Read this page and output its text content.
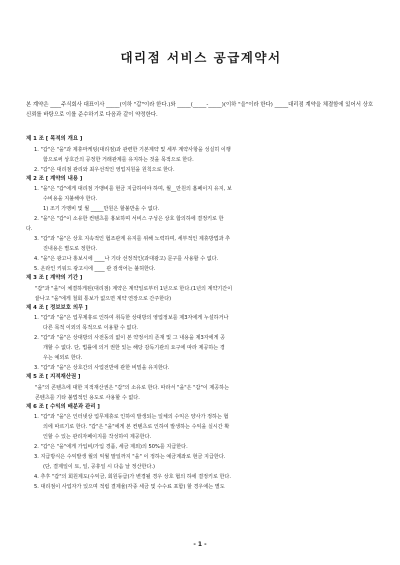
대리점 서비스 공급계약서
본 계약은 ____주식회사 대표이사 _____(이하 "갑"이라 한다.)와 _____(_____-_____)(이하 "을"이라 한다) _____대리점 계약을 체결함에 있어서 상호 신뢰를 바탕으로 이를 준수하기로 다음과 같이 약정한다.
제 1 조 [ 목적의 개요 ]
1. "갑"은 "을"과 제휴마케팅(대리점)과 관련한 기본계약 및 세부 계약사항을 성실히 이행
함으로써 상호간의 공정한 거래관계를 유지하는 것을 목적으로 한다.
2. "갑"은 대리점 관리와 최우선적인 영업지원을 원칙으로 한다.
제 2 조 [ 계약의 내용 ]
1. "을"은 "갑"에게 대리점 가맹비를 현금 지급하여야 하며, 월__만원의 홈페이지 유지, 보
수비용을 지불해야 한다.
1) 조기 가맹비 및 월 _____만원은 할불반을 수 없다.
2. "을"은 "갑"이 소유한 컨텐츠를 홍보하며 서비스 구성은 상호 합의하에 결정키로 한
다.
3. "갑"과 "을"은 상호 지속적인 협조관계 유지를 위해 노력하며, 세부적인 제휴방법과 추
진내용은 별도로 정한다.
4. "을"은 광고나 홍보시에 ____나 기타 선정적인(과대광고) 문구를 사용할 수 없다.
5. 온라인 키워드 광고시에 ____ 관 검색어는 불허한다.
제 3 조 [ 계약의 기간 ]
"갑"과 "을"이 체결하게된(대리점) 계약은 계약일로부터 1년으로 한다.(1년의 계약기간이
끝나고 "을"에게 철회 통보가 없으면 계약 연장으로 간주한다)
제 4 조 [ 정보보호 의무 ]
1. "갑"과 "을"은 업무제휴로 인하여 취득한 상대방의 영업정보를 제3자에게 누설하거나
다른 목적 이외의 목적으로 이용할 수 없다.
2. "갑"과 "을"은 상대방의 사전동의 없이 본 약정서의 존재 및 그 내용을 제3자에게 공
개할 수 없다. 단, 법률에 의거 권한 있는 해당 감독기관의 요구에 따라 제공하는 경
우는 예외로 한다.
3. "갑"과 "을"은 상호간의 사업전반에 관한 비밀을 유지한다.
제 5 조 [ 지적재산권 ]
"을"의 콘텐츠에 대한 지적재산권은 "갑"의 소유로 한다. 따라서 "을"은 "갑"이 제공하는
콘텐츠를 기타 불법적인 용도로 사용할 수 없다.
제 6 조 [ 수익의 배분과 관리 ]
1. "갑"과 "을"은 인터넷상 업무제휴로 인하여 발생되는 일체의 수익은 양사가 정하는 협
의에 따르기로 한다. "갑"은 "을"에게 본 컨텐츠로 인하여 발생하는 수익을 실시간 확
인할 수 있는 관리자페이지를 작성하여 제공한다.
2. "갑"은 "을"에게 가입비/가입 경품, 세금 제외)의 50%를 지급한다.
3. 지급방식은 수익발생 월의 익월 말일까지 "을" 이 정하는 예금계좌로 현금 지급한다.
(단, 결제일이 토, 일, 공휴일 시 다음 날 정산한다.)
4. 추후 "갑"의 회원제도(수익금, 회원등급)가 변경될 경우 상호 협의 하에 결정키로 한다.
5. 대리점이 사업자가 있으며 적립 결제율(각종 세금 및 수수료 포함) 할 경우에는 별도
- 1 -
